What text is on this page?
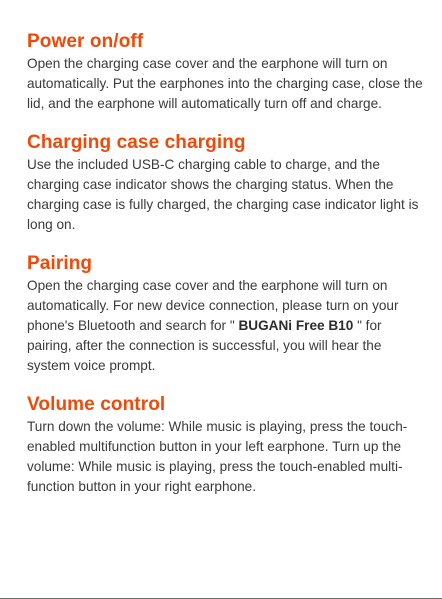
Power on/off

Open the charging case cover and the earphone will turn on automatically. Put the earphones into the charging case, close the lid, and the earphone will automatically turn off and charge.

Charging case charging

Use the included USB-C charging cable to charge, and the charging case indicator shows the charging status. When the charging case is fully charged, the charging case indicator light is long on.

Pairing

Open the charging case cover and the earphone will turn on automatically. For new device connection, please turn on your phone's Bluetooth and search for " BUGANi Free B10 " for pairing, after the connection is successful, you will hear the system voice prompt.

Volume control

Turn down the volume: While music is playing, press the touch-enabled multifunction button in your left earphone. Turn up the volume: While music is playing, press the touch-enabled multi-function button in your right earphone.
